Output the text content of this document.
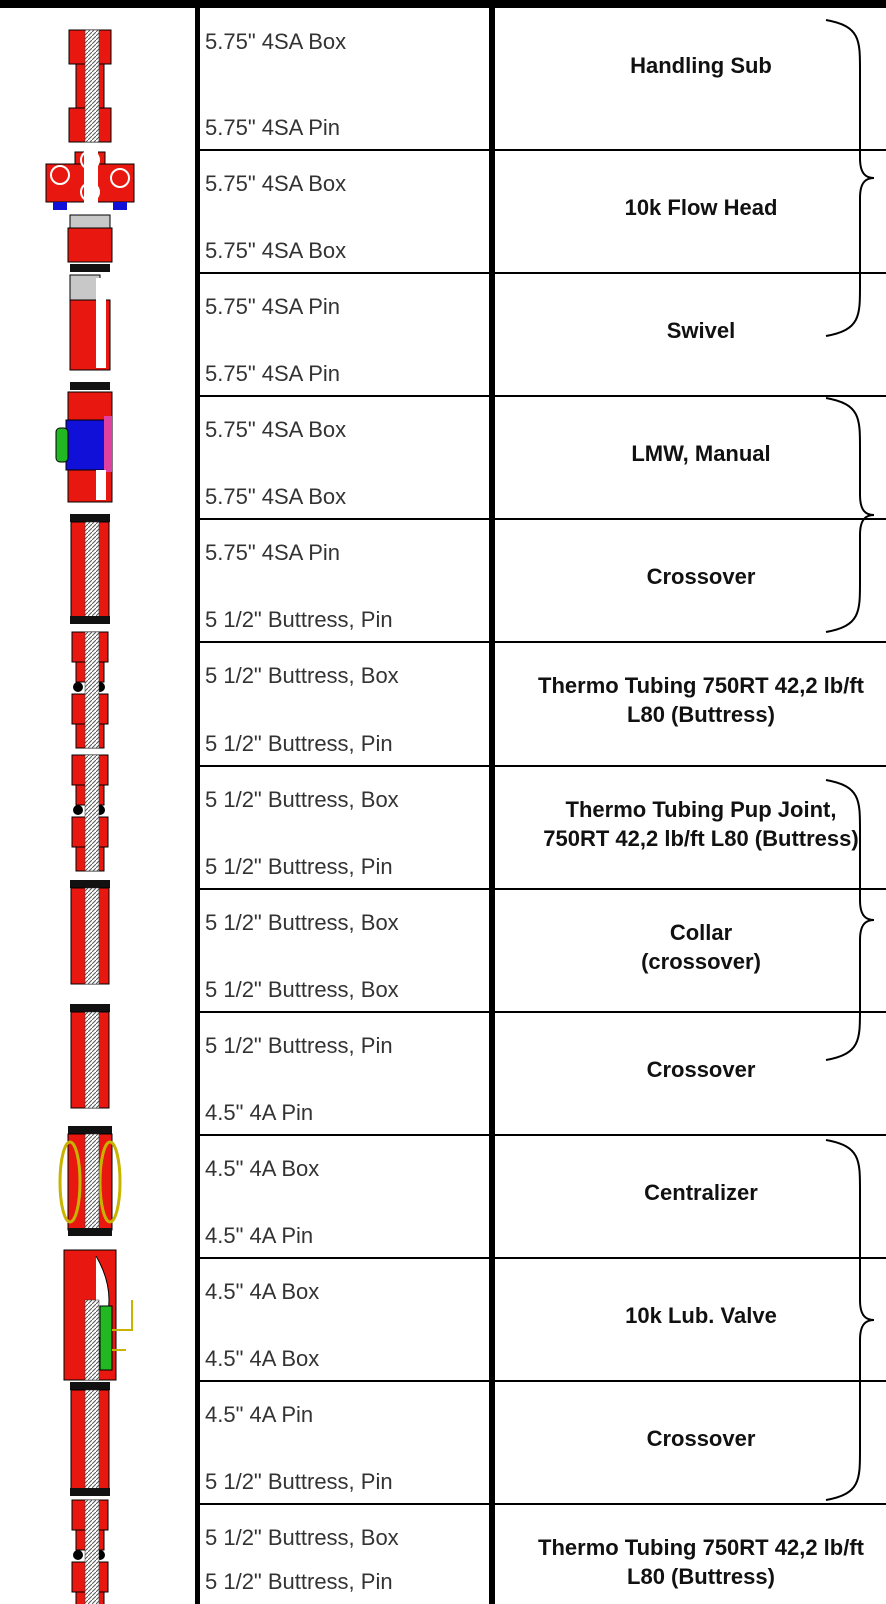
5.75" 4SA Box
5.75" 4SA Pin
Handling Sub
5.75" 4SA Box
5.75" 4SA Box
10k Flow Head
5.75" 4SA Pin
5.75" 4SA Pin
Swivel
5.75" 4SA Box
5.75" 4SA Box
LMW, Manual
5.75" 4SA Pin
5 1/2" Buttress, Pin
Crossover
5 1/2" Buttress, Box
5 1/2" Buttress, Pin
Thermo Tubing 750RT 42,2 lb/ft
L80 (Buttress)
5 1/2" Buttress, Box
5 1/2" Buttress, Pin
Thermo Tubing Pup Joint,
750RT 42,2 lb/ft L80 (Buttress)
5 1/2" Buttress, Box
5 1/2" Buttress, Box
Collar
(crossover)
5 1/2" Buttress, Pin
4.5" 4A Pin
Crossover
4.5" 4A Box
4.5" 4A Pin
Centralizer
4.5" 4A Box
4.5" 4A Box
10k Lub. Valve
4.5" 4A Pin
5 1/2" Buttress, Pin
Crossover
5 1/2" Buttress, Box
5 1/2" Buttress, Pin
Thermo Tubing 750RT 42,2 lb/ft
L80 (Buttress)
